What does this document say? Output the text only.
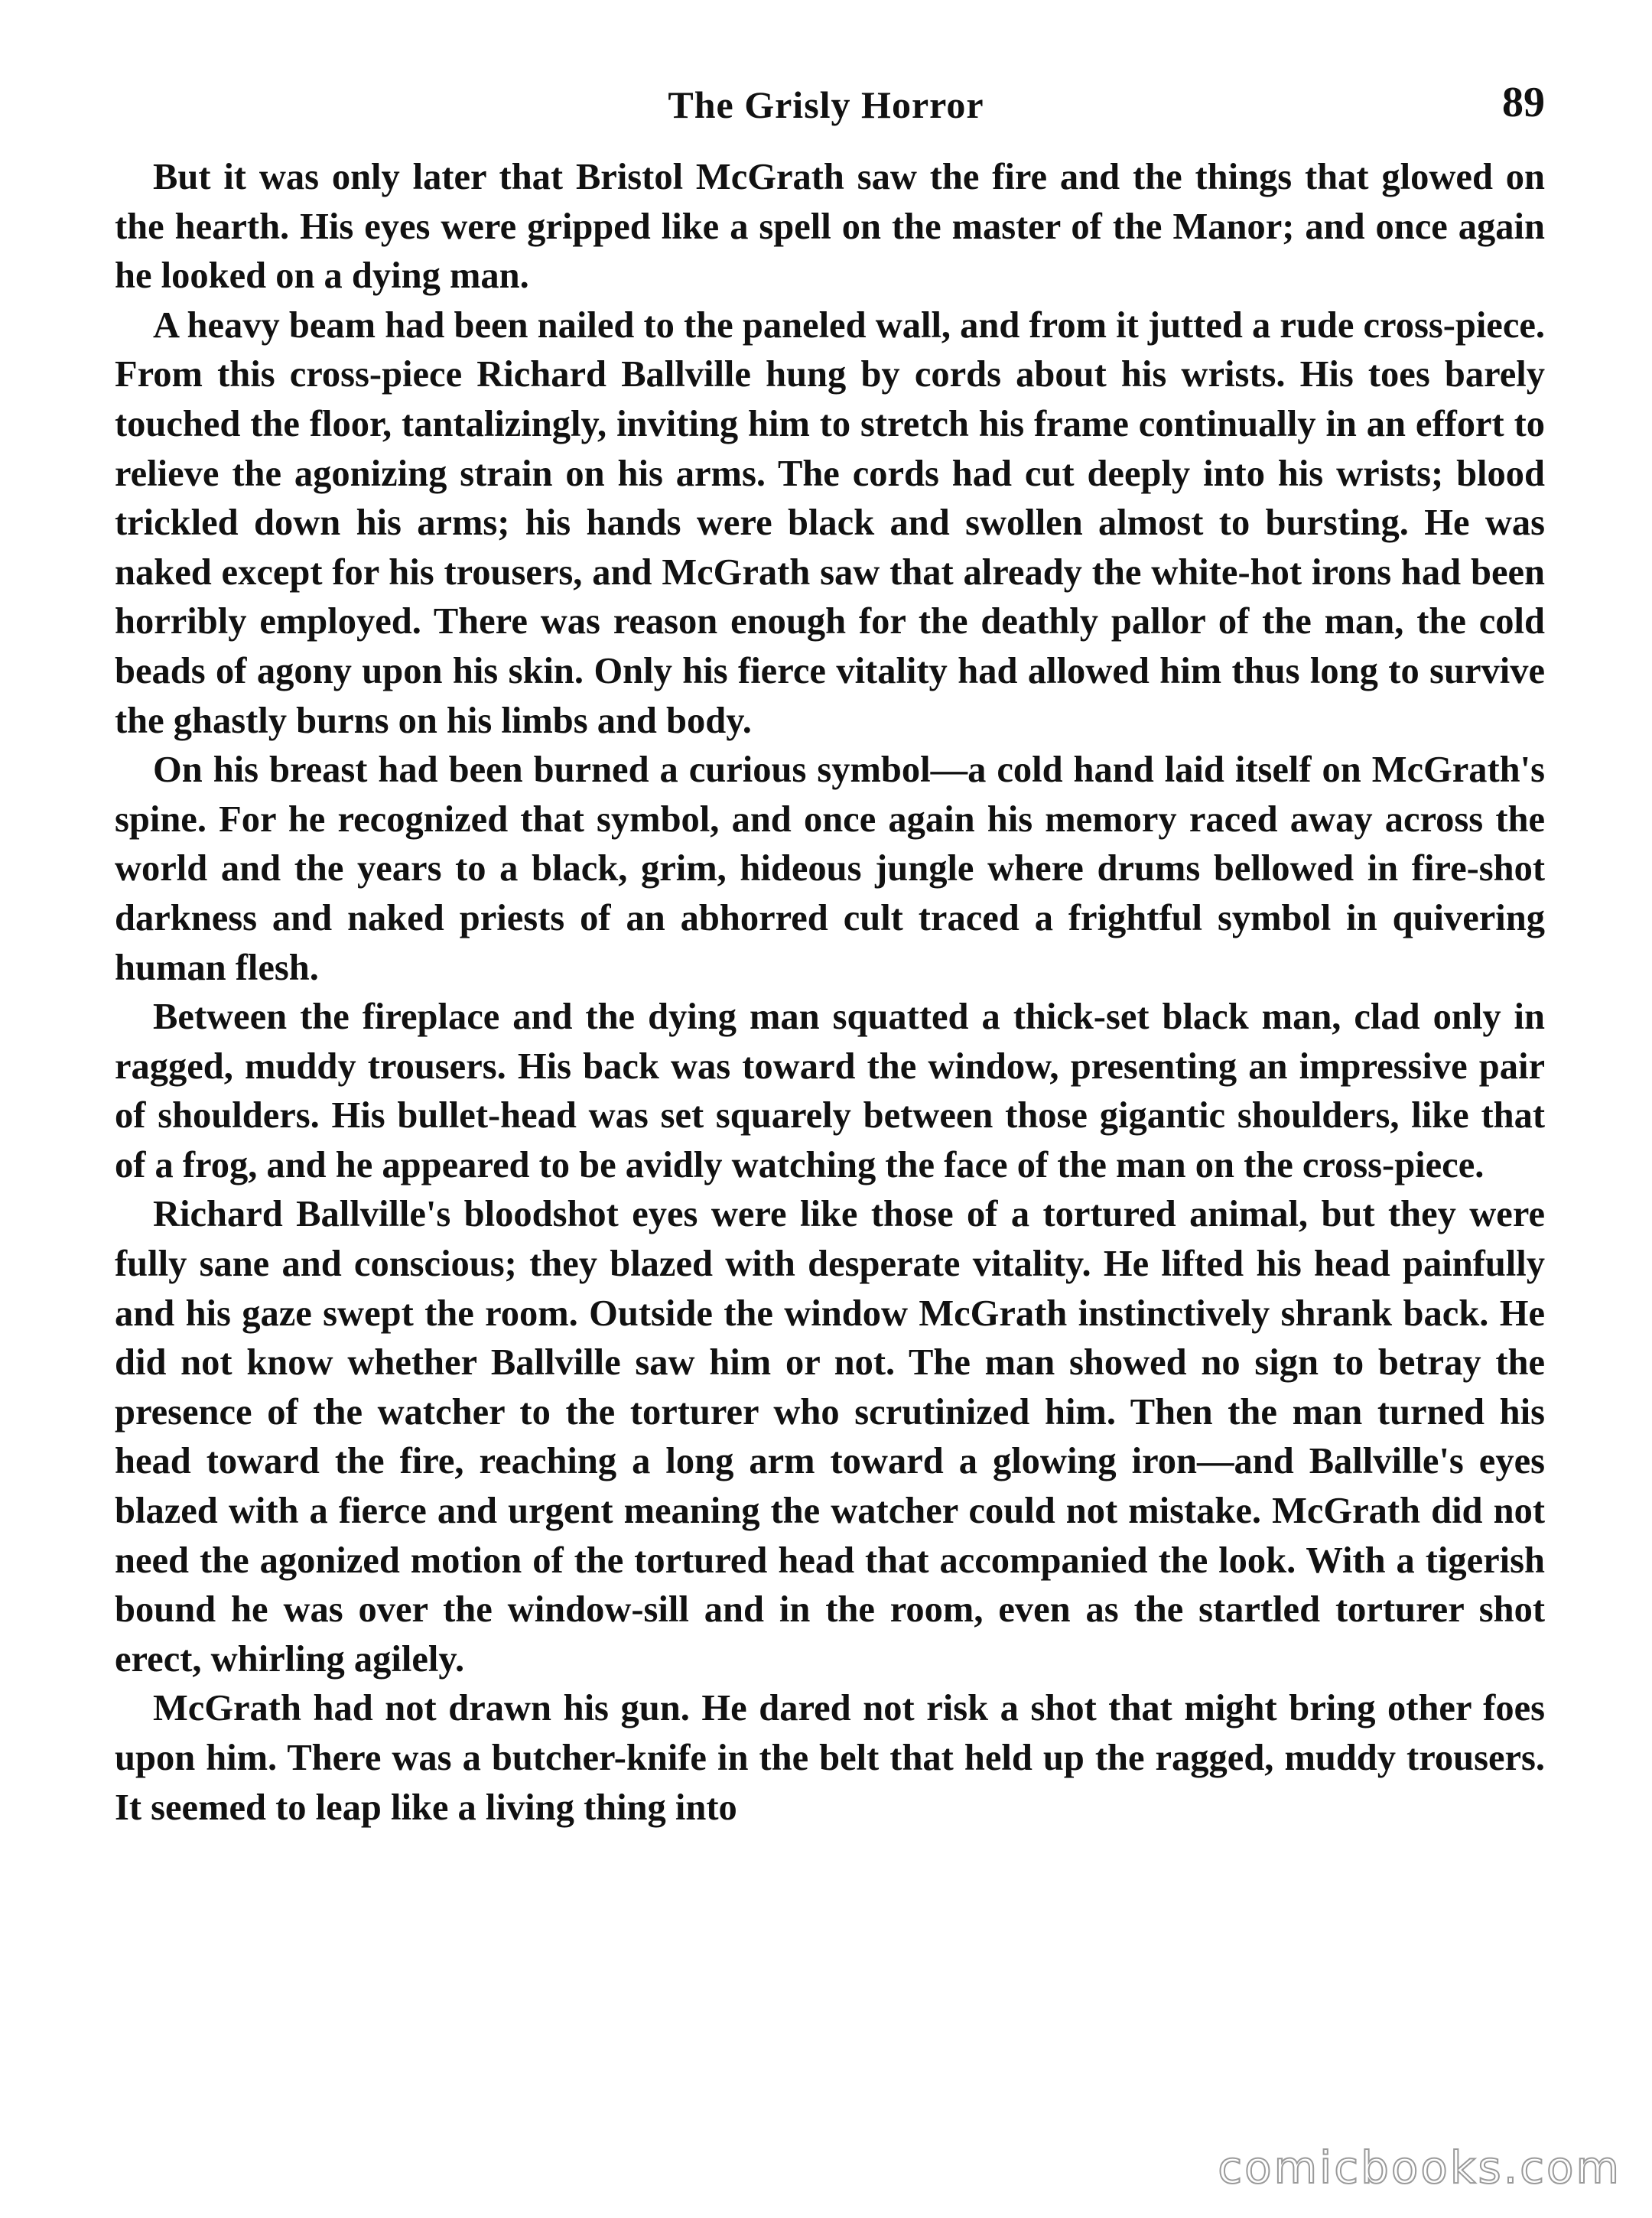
The Grisly Horror	89

But it was only later that Bristol McGrath saw the fire and the things that glowed on the hearth. His eyes were gripped like a spell on the master of the Manor; and once again he looked on a dying man.

A heavy beam had been nailed to the paneled wall, and from it jutted a rude cross-piece. From this cross-piece Richard Ballville hung by cords about his wrists. His toes barely touched the floor, tantalizingly, inviting him to stretch his frame continually in an effort to relieve the agonizing strain on his arms. The cords had cut deeply into his wrists; blood trickled down his arms; his hands were black and swollen almost to bursting. He was naked except for his trousers, and McGrath saw that already the white-hot irons had been horribly employed. There was reason enough for the deathly pallor of the man, the cold beads of agony upon his skin. Only his fierce vitality had allowed him thus long to survive the ghastly burns on his limbs and body.

On his breast had been burned a curious symbol—a cold hand laid itself on McGrath's spine. For he recognized that symbol, and once again his memory raced away across the world and the years to a black, grim, hideous jungle where drums bellowed in fire-shot darkness and naked priests of an abhorred cult traced a frightful symbol in quivering human flesh.

Between the fireplace and the dying man squatted a thick-set black man, clad only in ragged, muddy trousers. His back was toward the window, presenting an impressive pair of shoulders. His bullet-head was set squarely between those gigantic shoulders, like that of a frog, and he appeared to be avidly watching the face of the man on the cross-piece.

Richard Ballville's bloodshot eyes were like those of a tortured animal, but they were fully sane and conscious; they blazed with desperate vitality. He lifted his head painfully and his gaze swept the room. Outside the window McGrath instinctively shrank back. He did not know whether Ballville saw him or not. The man showed no sign to betray the presence of the watcher to the torturer who scrutinized him. Then the man turned his head toward the fire, reaching a long arm toward a glowing iron—and Ballville's eyes blazed with a fierce and urgent meaning the watcher could not mistake. McGrath did not need the agonized motion of the tortured head that accompanied the look. With a tigerish bound he was over the window-sill and in the room, even as the startled torturer shot erect, whirling agilely.

McGrath had not drawn his gun. He dared not risk a shot that might bring other foes upon him. There was a butcher-knife in the belt that held up the ragged, muddy trousers. It seemed to leap like a living thing into

comicbooks.com
